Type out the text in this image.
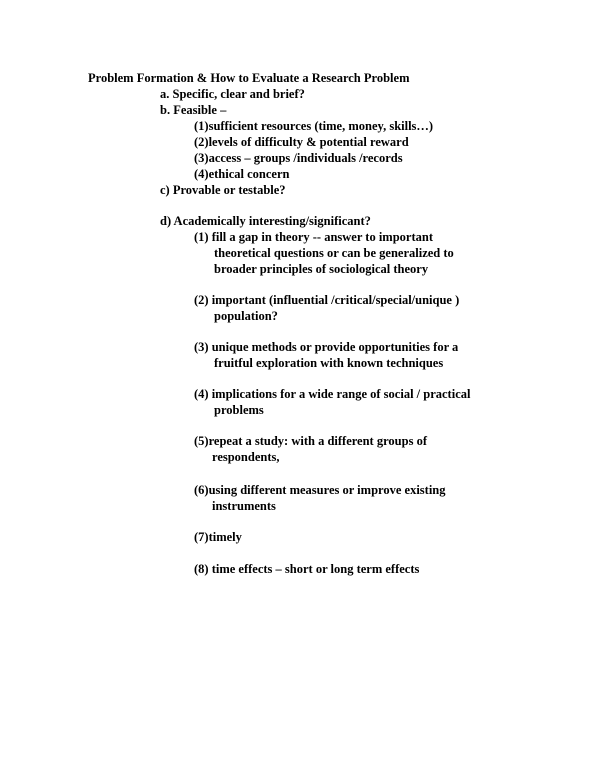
Problem Formation & How to Evaluate a Research Problem
a. Specific, clear and brief?
b. Feasible –
(1)sufficient resources (time, money, skills…)
(2)levels of difficulty & potential reward
(3)access – groups /individuals /records
(4)ethical concern
c) Provable or testable?
d) Academically interesting/significant?
(1) fill a gap in theory -- answer to important
theoretical questions or can be generalized to
broader principles of sociological theory
(2) important (influential /critical/special/unique )
population?
(3) unique methods or provide opportunities for a
fruitful exploration with known techniques
(4) implications for a wide range of social / practical
problems
(5)repeat a study: with a different groups of
respondents,
(6)using different measures or improve existing
instruments
(7)timely
(8) time effects – short or long term effects
